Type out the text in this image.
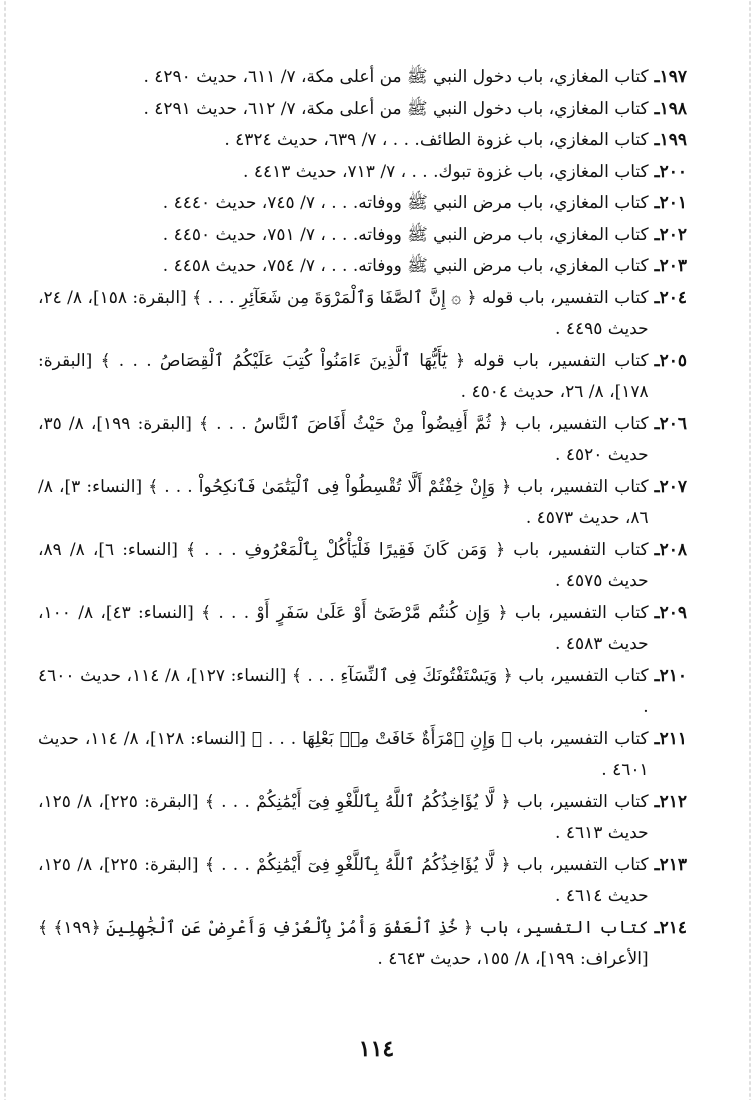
١٩٧ـ
كتاب المغازي، باب دخول النبي ﷺ من أعلى مكة، ٧/ ٦١١، حديث ٤٢٩٠ .
١٩٨ـ
كتاب المغازي، باب دخول النبي ﷺ من أعلى مكة، ٧/ ٦١٢، حديث ٤٢٩١ .
١٩٩ـ
كتاب المغازي، باب غزوة الطائف. . . ، ٧/ ٦٣٩، حديث ٤٣٢٤ .
٢٠٠ـ
كتاب المغازي، باب غزوة تبوك. . . ، ٧/ ٧١٣، حديث ٤٤١٣ .
٢٠١ـ
كتاب المغازي، باب مرض النبي ﷺ ووفاته. . . ، ٧/ ٧٤٥، حديث ٤٤٤٠ .
٢٠٢ـ
كتاب المغازي، باب مرض النبي ﷺ ووفاته. . . ، ٧/ ٧٥١، حديث ٤٤٥٠ .
٢٠٣ـ
كتاب المغازي، باب مرض النبي ﷺ ووفاته. . . ، ٧/ ٧٥٤، حديث ٤٤٥٨ .
٢٠٤ـ
كتاب التفسير، باب قوله ﴿ ۞ إِنَّ ٱلصَّفَا وَٱلْمَرْوَةَ مِن شَعَآئِرِ . . . ﴾ [البقرة: ١٥٨]، ٨/ ٢٤، حديث ٤٤٩٥ .
٢٠٥ـ
كتاب التفسير، باب قوله ﴿ يَٰٓأَيُّهَا ٱلَّذِينَ ءَامَنُواْ كُتِبَ عَلَيْكُمُ ٱلْقِصَاصُ . . . ﴾ [البقرة: ١٧٨]، ٨/ ٢٦، حديث ٤٥٠٤ .
٢٠٦ـ
كتاب التفسير، باب ﴿ ثُمَّ أَفِيضُواْ مِنْ حَيْثُ أَفَاضَ ٱلنَّاسُ . . . ﴾ [البقرة: ١٩٩]، ٨/ ٣٥، حديث ٤٥٢٠ .
٢٠٧ـ
كتاب التفسير، باب ﴿ وَإِنْ خِفْتُمْ أَلَّا تُقْسِطُواْ فِى ٱلْيَتَٰمَىٰ فَٱنكِحُواْ . . . ﴾ [النساء: ٣]، ٨/ ٨٦، حديث ٤٥٧٣ .
٢٠٨ـ
كتاب التفسير، باب ﴿ وَمَن كَانَ فَقِيرًا فَلْيَأْكُلْ بِٱلْمَعْرُوفِ . . . ﴾ [النساء: ٦]، ٨/ ٨٩، حديث ٤٥٧٥ .
٢٠٩ـ
كتاب التفسير، باب ﴿ وَإِن كُنتُم مَّرْضَىٰٓ أَوْ عَلَىٰ سَفَرٍ أَوْ . . . ﴾ [النساء: ٤٣]، ٨/ ١٠٠، حديث ٤٥٨٣ .
٢١٠ـ
كتاب التفسير، باب ﴿ وَيَسْتَفْتُونَكَ فِى ٱلنِّسَآءِ . . . ﴾ [النساء: ١٢٧]، ٨/ ١١٤، حديث ٤٦٠٠ .
٢١١ـ
كتاب التفسير، باب ﴿ وَإِنِ ٱمْرَأَةٌ خَافَتْ مِنۢ بَعْلِهَا . . . ﴾ [النساء: ١٢٨]، ٨/ ١١٤، حديث ٤٦٠١ .
٢١٢ـ
كتاب التفسير، باب ﴿ لَّا يُؤَاخِذُكُمُ ٱللَّهُ بِٱللَّغْوِ فِىٓ أَيْمَٰنِكُمْ . . . ﴾ [البقرة: ٢٢٥]، ٨/ ١٢٥، حديث ٤٦١٣ .
٢١٣ـ
كتاب التفسير، باب ﴿ لَّا يُؤَاخِذُكُمُ ٱللَّهُ بِٱللَّغْوِ فِىٓ أَيْمَٰنِكُمْ . . . ﴾ [البقرة: ٢٢٥]، ٨/ ١٢٥، حديث ٤٦١٤ .
٢١٤ـ
كتاب التفسير، باب ﴿ خُذِ ٱلْعَفْوَ وَأْمُرْ بِٱلْعُرْفِ وَأَعْرِضْ عَنِ ٱلْجَٰهِلِينَ ﴿١٩٩﴾ ﴾ [الأعراف: ١٩٩]، ٨/ ١٥٥، حديث ٤٦٤٣ .
١١٤
